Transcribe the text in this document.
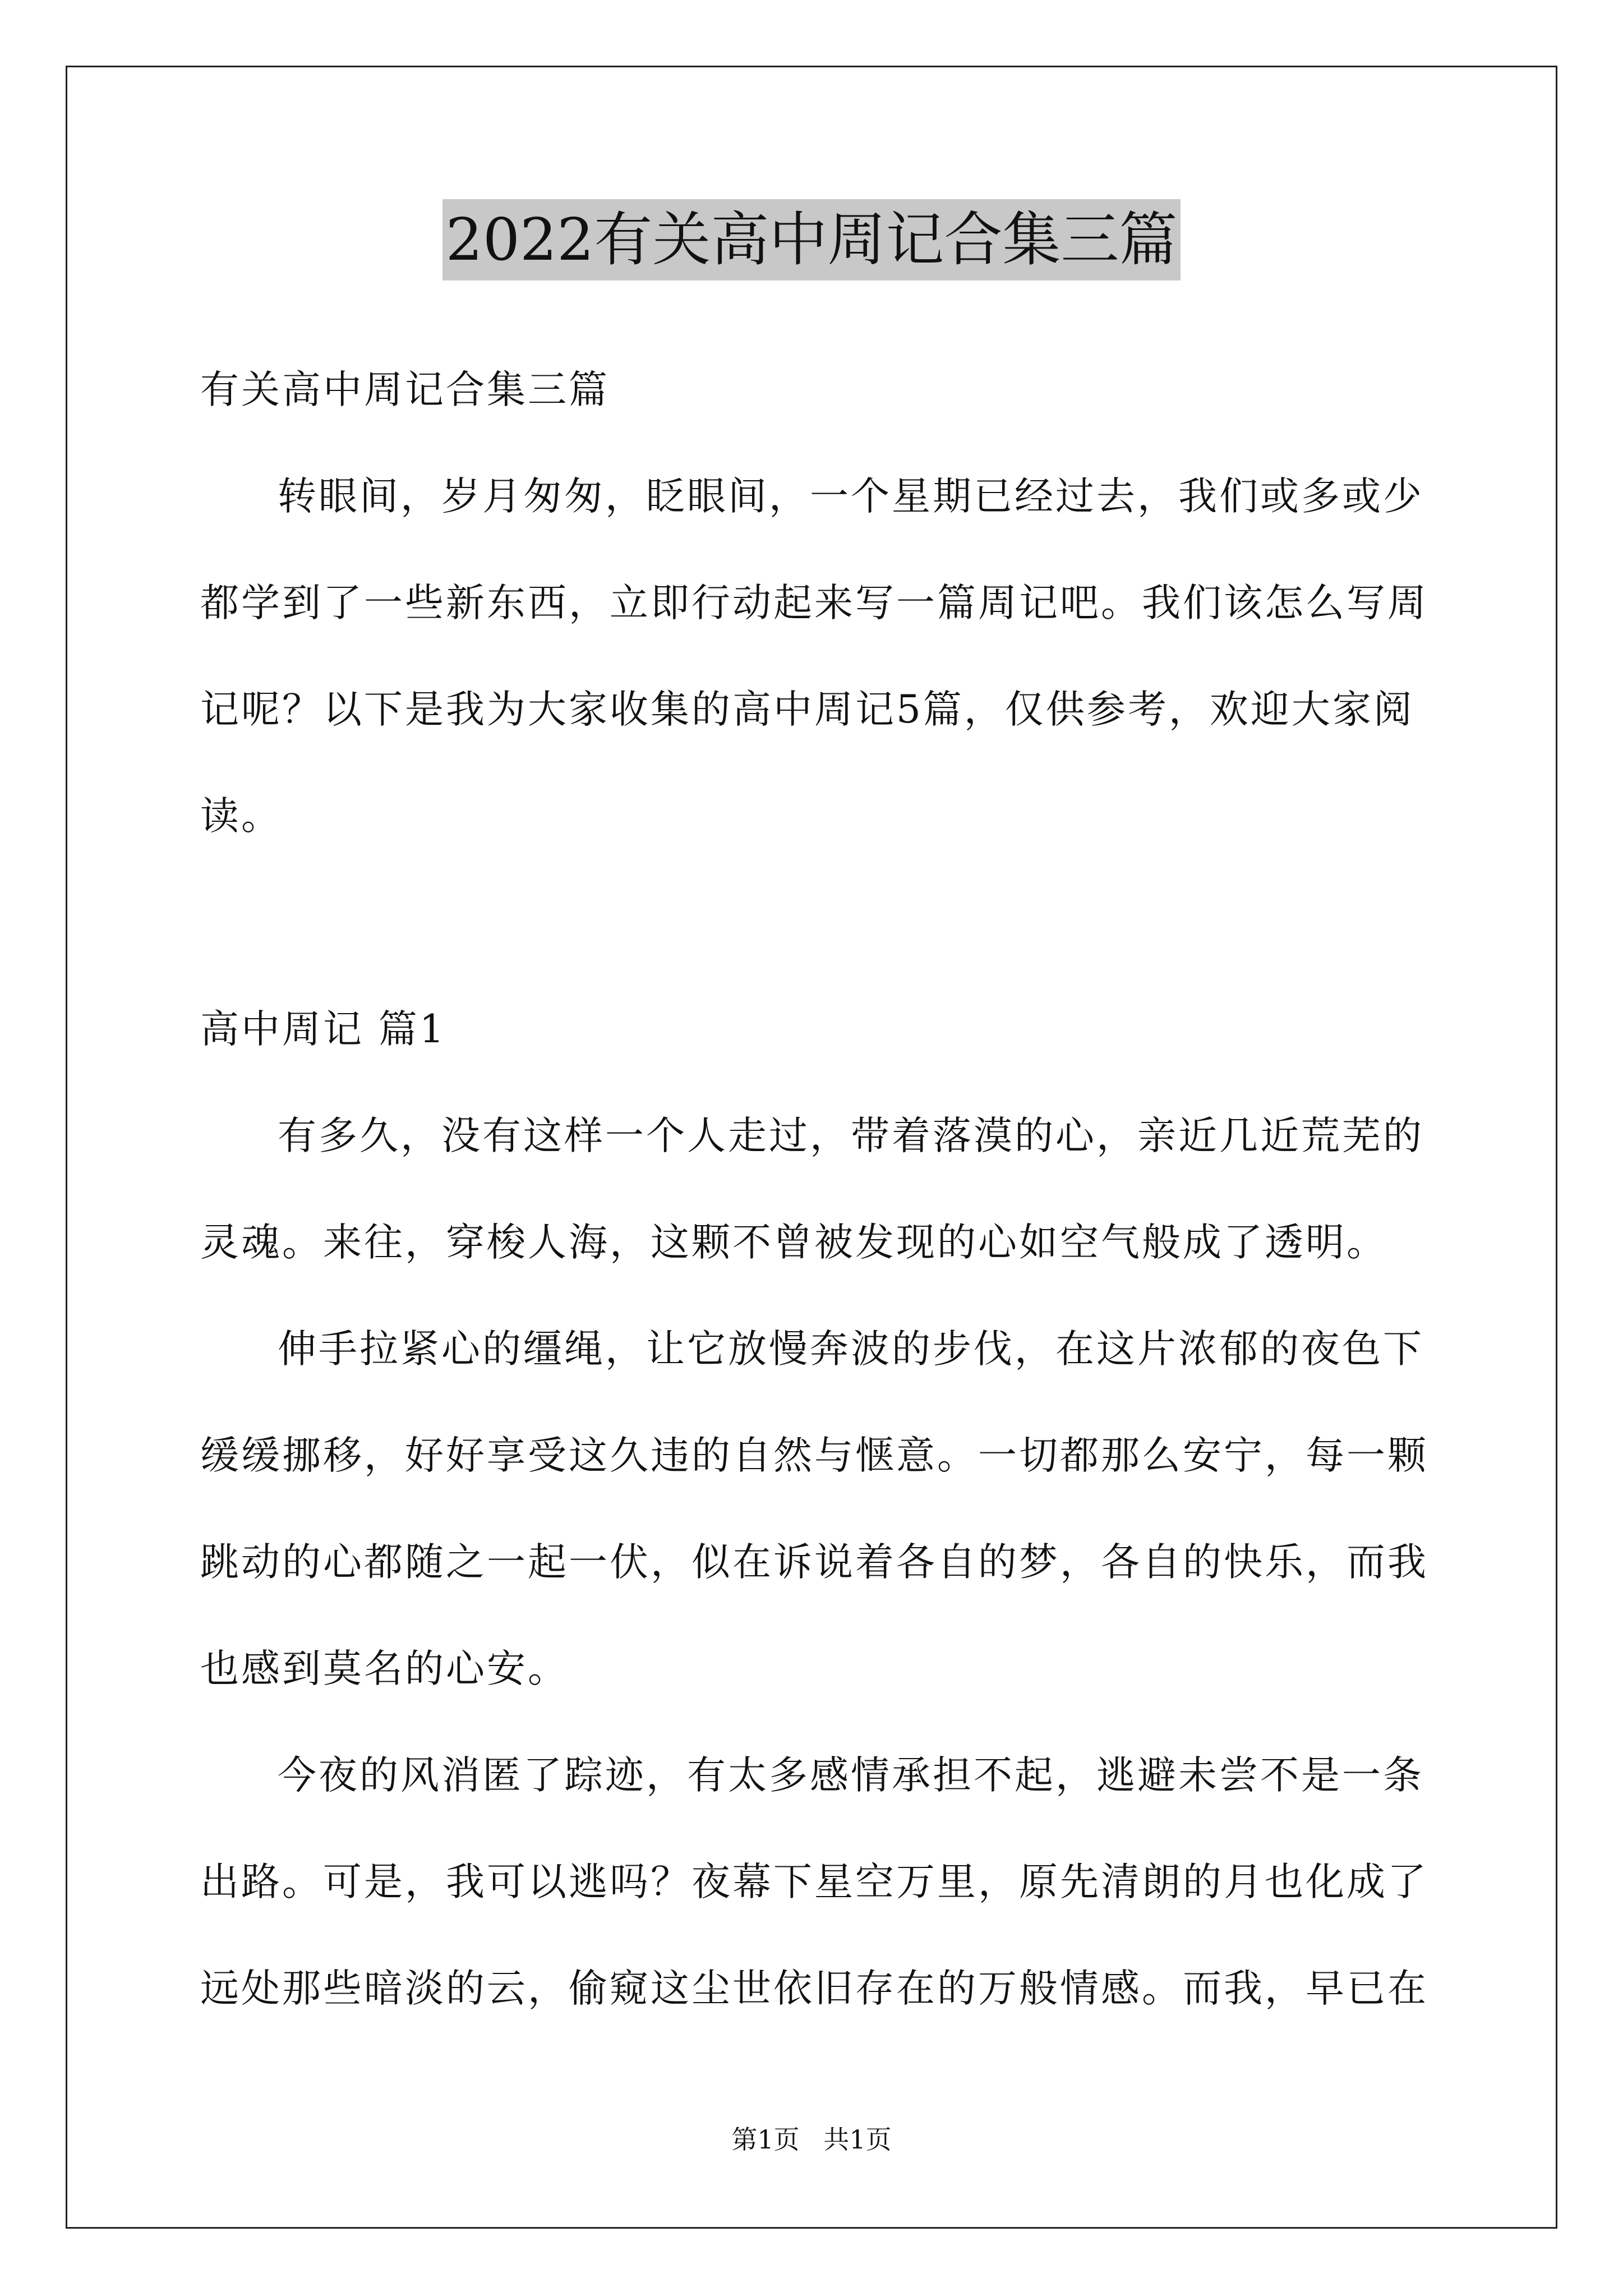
2022有关高中周记合集三篇
有关高中周记合集三篇
转眼间，岁月匆匆，眨眼间，一个星期已经过去，我们或多或少
都学到了一些新东西，立即行动起来写一篇周记吧。我们该怎么写周
记呢？以下是我为大家收集的高中周记5篇，仅供参考，欢迎大家阅
读。
高中周记 篇1
有多久，没有这样一个人走过，带着落漠的心，亲近几近荒芜的
灵魂。来往，穿梭人海，这颗不曾被发现的心如空气般成了透明。
伸手拉紧心的缰绳，让它放慢奔波的步伐，在这片浓郁的夜色下
缓缓挪移，好好享受这久违的自然与惬意。一切都那么安宁，每一颗
跳动的心都随之一起一伏，似在诉说着各自的梦，各自的快乐，而我
也感到莫名的心安。
今夜的风消匿了踪迹，有太多感情承担不起，逃避未尝不是一条
出路。可是，我可以逃吗？夜幕下星空万里，原先清朗的月也化成了
远处那些暗淡的云，偷窥这尘世依旧存在的万般情感。而我，早已在
第1页 共1页
